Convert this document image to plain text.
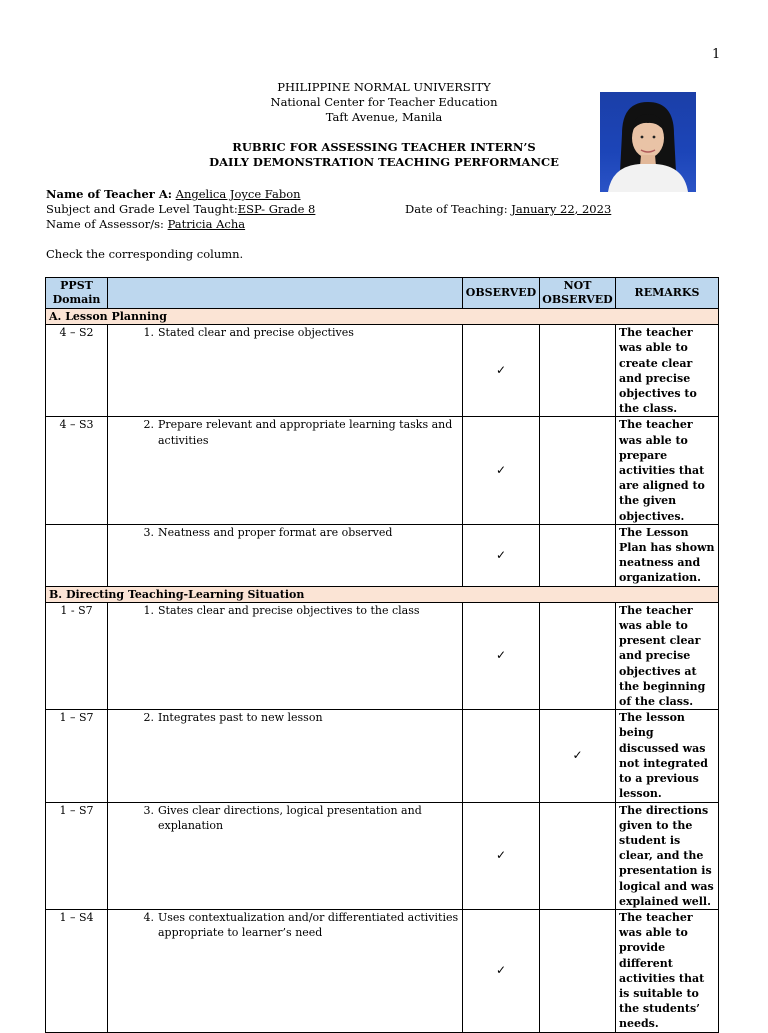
1
PHILIPPINE NORMAL UNIVERSITY
National Center for Teacher Education
Taft Avenue, Manila
RUBRIC FOR ASSESSING TEACHER INTERN’S
DAILY DEMONSTRATION TEACHING PERFORMANCE
Name of Teacher A: Angelica Joyce Fabon
Subject and Grade Level Taught:ESP- Grade 8	Date of Teaching: January 22, 2023
Name of Assessor/s: Patricia Acha
Check the corresponding column.
PPST Domain		OBSERVED	NOT OBSERVED	REMARKS
A. Lesson Planning				
4 – S2	1. Stated clear and precise objectives	✓		The teacher was able to create clear and precise objectives to the class.
4 – S3	2. Prepare relevant and appropriate learning tasks and activities	✓		The teacher was able to prepare activities that are aligned to the given objectives.

	3. Neatness and proper format are observed	✓		The Lesson Plan has shown neatness and organization.
B. Directing Teaching-Learning Situation				
1 - S7	1. States clear and precise objectives to the class	✓		The teacher was able to present clear and precise objectives at the beginning of the class.
1 – S7	2. Integrates past to new lesson		✓	The lesson being discussed was not integrated to a previous lesson.
1 – S7	3. Gives clear directions, logical presentation and explanation	✓		The directions given to the student is clear, and the presentation is logical and was explained well.
1 – S4	4. Uses contextualization and/or differentiated activities appropriate to learner’s need	✓		The teacher was able to provide different activities that is suitable to the students’ needs.
